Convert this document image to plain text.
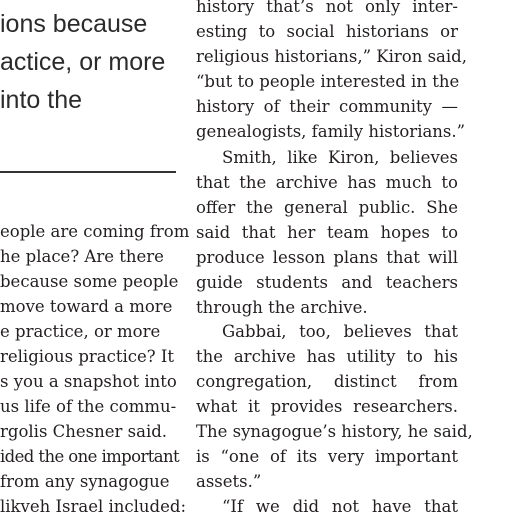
ions because
actice, or more
into the
eople are coming from
he place? Are there
because some people
move toward a more
e practice, or more
religious practice? It
s you a snapshot into
us life of the commu-
rgolis Chesner said.
ided the one important
from any synagogue
likveh Israel included:
history that’s not only inter-
esting to social historians or
religious historians,” Kiron said,
“but to people interested in the
history of their community —
genealogists, family historians.”
Smith, like Kiron, believes
that the archive has much to
offer the general public. She
said that her team hopes to
produce lesson plans that will
guide students and teachers
through the archive.
Gabbai, too, believes that
the archive has utility to his
congregation, distinct from
what it provides researchers.
The synagogue’s history, he said,
is “one of its very important
assets.”
“If we did not have that
